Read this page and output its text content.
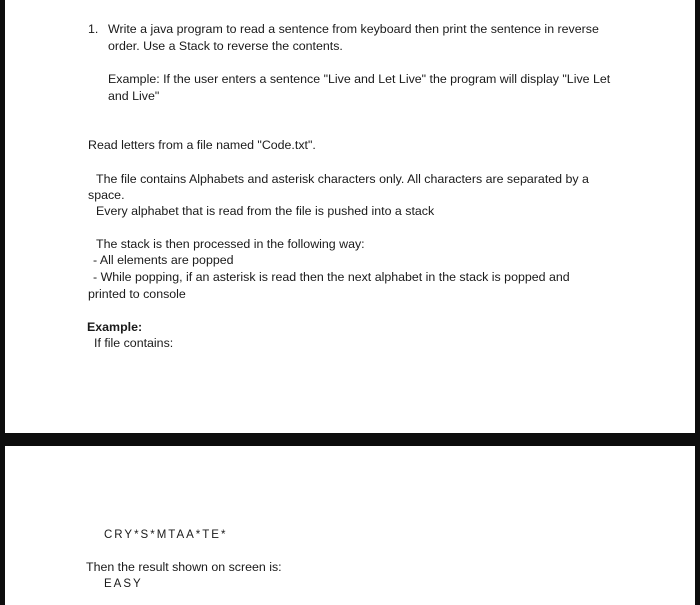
1. Write a java program to read a sentence from keyboard then print the sentence in reverse
order. Use a Stack to reverse the contents.
Example: If the user enters a sentence "Live and Let Live" the program will display "Live Let
and Live"
Read letters from a file named "Code.txt".
The file contains Alphabets and asterisk characters only. All characters are separated by a
space.
Every alphabet that is read from the file is pushed into a stack
The stack is then processed in the following way:
- All elements are popped
- While popping, if an asterisk is read then the next alphabet in the stack is popped and
printed to console
Example:
If file contains:
CRY*S*MTAA*TE*
Then the result shown on screen is:
EASY
